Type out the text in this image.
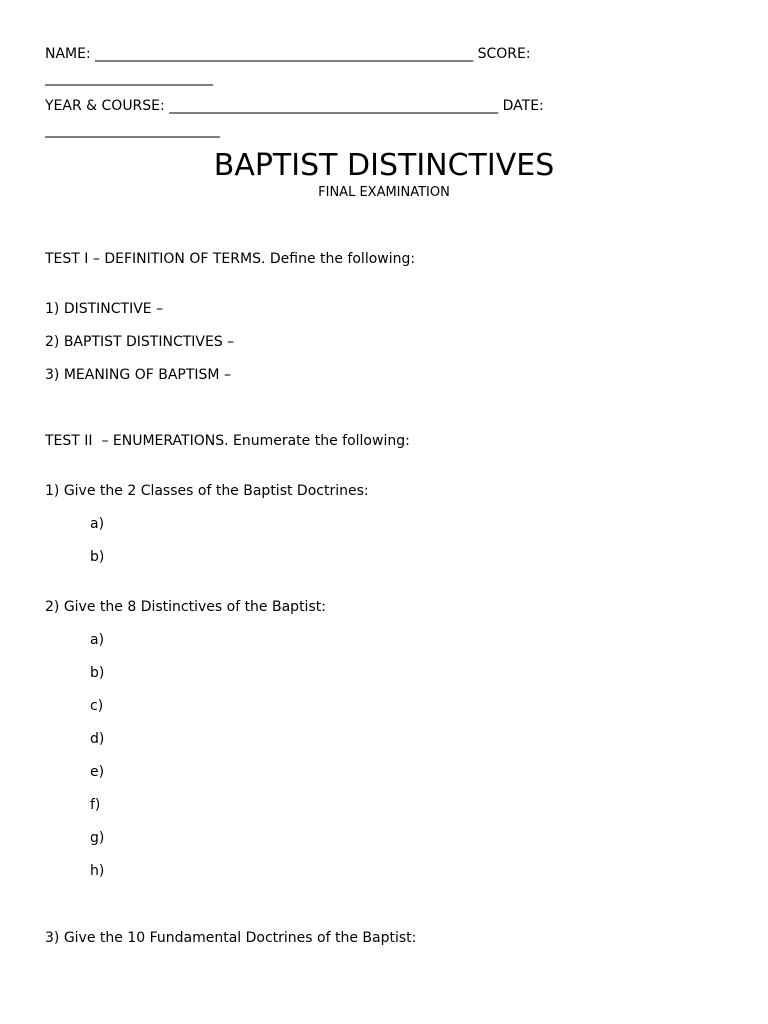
NAME: ______________________________________________________ SCORE:
________________________
YEAR & COURSE: _______________________________________________ DATE:
_________________________
BAPTIST DISTINCTIVES
FINAL EXAMINATION
TEST I – DEFINITION OF TERMS. Define the following:
1) DISTINCTIVE –
2) BAPTIST DISTINCTIVES –
3) MEANING OF BAPTISM –
TEST II  – ENUMERATIONS. Enumerate the following:
1) Give the 2 Classes of the Baptist Doctrines:
a)
b)
2) Give the 8 Distinctives of the Baptist:
a)
b)
c)
d)
e)
f)
g)
h)
3) Give the 10 Fundamental Doctrines of the Baptist:
